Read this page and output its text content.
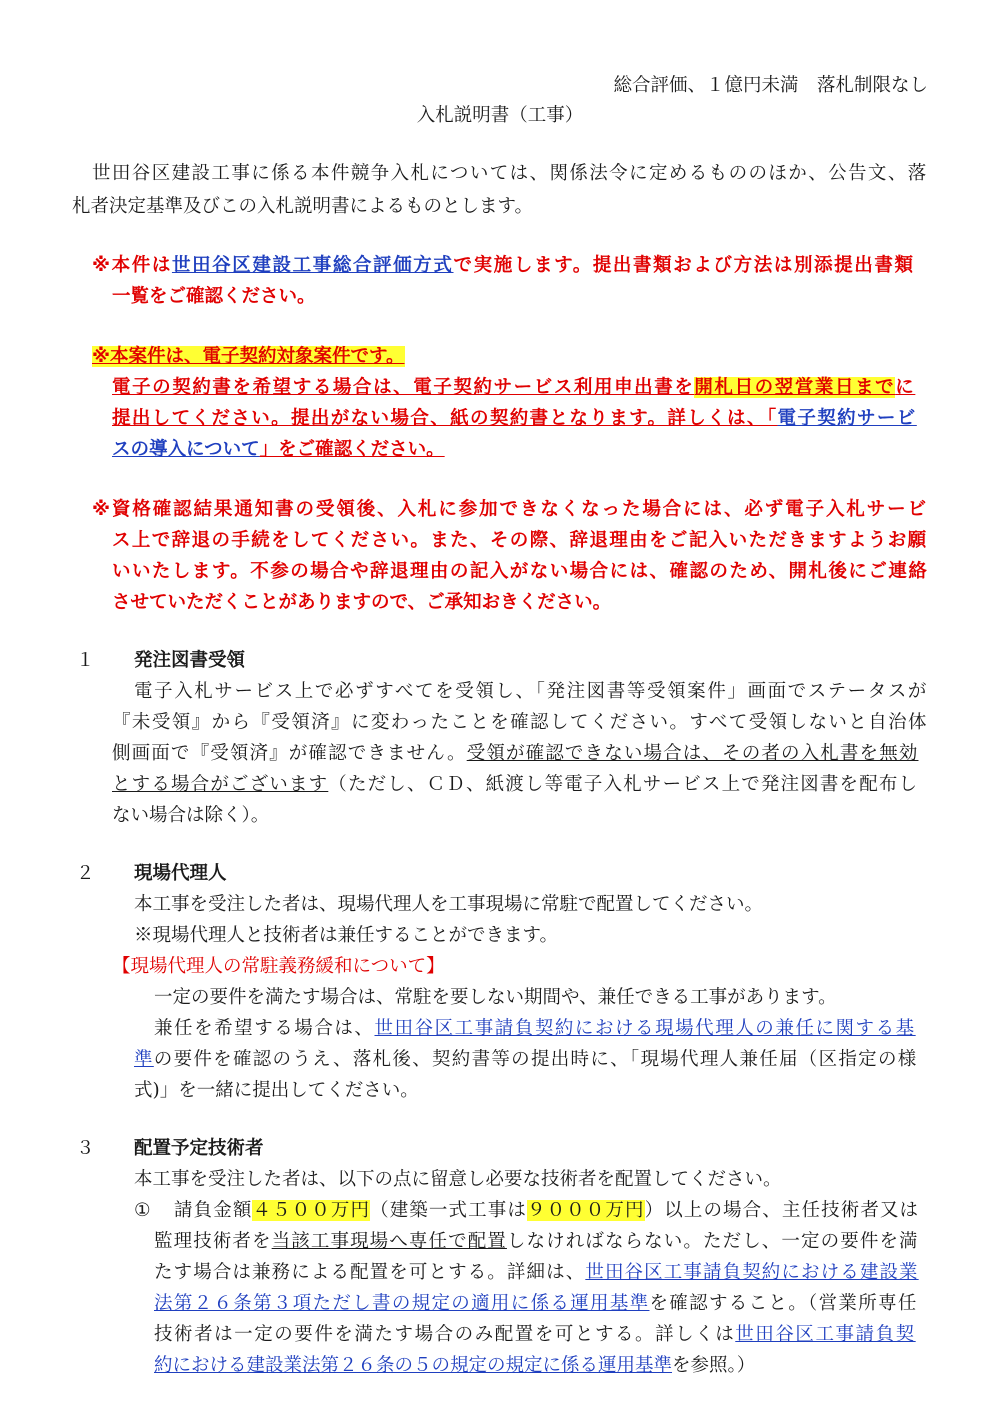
総合評価、１億円未満　落札制限なし
入札説明書（工事）
世田谷区建設工事に係る本件競争入札については、関係法令に定めるもののほか、公告文、落
札者決定基準及びこの入札説明書によるものとします。
※本件は世田谷区建設工事総合評価方式で実施します。提出書類および方法は別添提出書類
一覧をご確認ください。
※本案件は、電子契約対象案件です。
電子の契約書を希望する場合は、電子契約サービス利用申出書を開札日の翌営業日までに
提出してください。提出がない場合、紙の契約書となります。詳しくは、「電子契約サービ
スの導入について」をご確認ください。
※資格確認結果通知書の受領後、入札に参加できなくなった場合には、必ず電子入札サービ
ス上で辞退の手続をしてください。また、その際、辞退理由をご記入いただきますようお願
いいたします。不参の場合や辞退理由の記入がない場合には、確認のため、開札後にご連絡
させていただくことがありますので、ご承知おきください。
１ 発注図書受領
電子入札サービス上で必ずすべてを受領し、「発注図書等受領案件」画面でステータスが
『未受領』から『受領済』に変わったことを確認してください。すべて受領しないと自治体
側画面で『受領済』が確認できません。受領が確認できない場合は、その者の入札書を無効
とする場合がございます（ただし、ＣＤ、紙渡し等電子入札サービス上で発注図書を配布し
ない場合は除く）。
２ 現場代理人
本工事を受注した者は、現場代理人を工事現場に常駐で配置してください。
※現場代理人と技術者は兼任することができます。
【現場代理人の常駐義務緩和について】
一定の要件を満たす場合は、常駐を要しない期間や、兼任できる工事があります。
兼任を希望する場合は、世田谷区工事請負契約における現場代理人の兼任に関する基
準の要件を確認のうえ、落札後、契約書等の提出時に、「現場代理人兼任届（区指定の様
式)」を一緒に提出してください。
３ 配置予定技術者
本工事を受注した者は、以下の点に留意し必要な技術者を配置してください。
① 請負金額４５００万円（建築一式工事は９０００万円）以上の場合、主任技術者又は
監理技術者を当該工事現場へ専任で配置しなければならない。ただし、一定の要件を満
たす場合は兼務による配置を可とする。詳細は、世田谷区工事請負契約における建設業
法第２６条第３項ただし書の規定の適用に係る運用基準を確認すること。（営業所専任
技術者は一定の要件を満たす場合のみ配置を可とする。詳しくは世田谷区工事請負契
約における建設業法第２６条の５の規定の規定に係る運用基準を参照。）
